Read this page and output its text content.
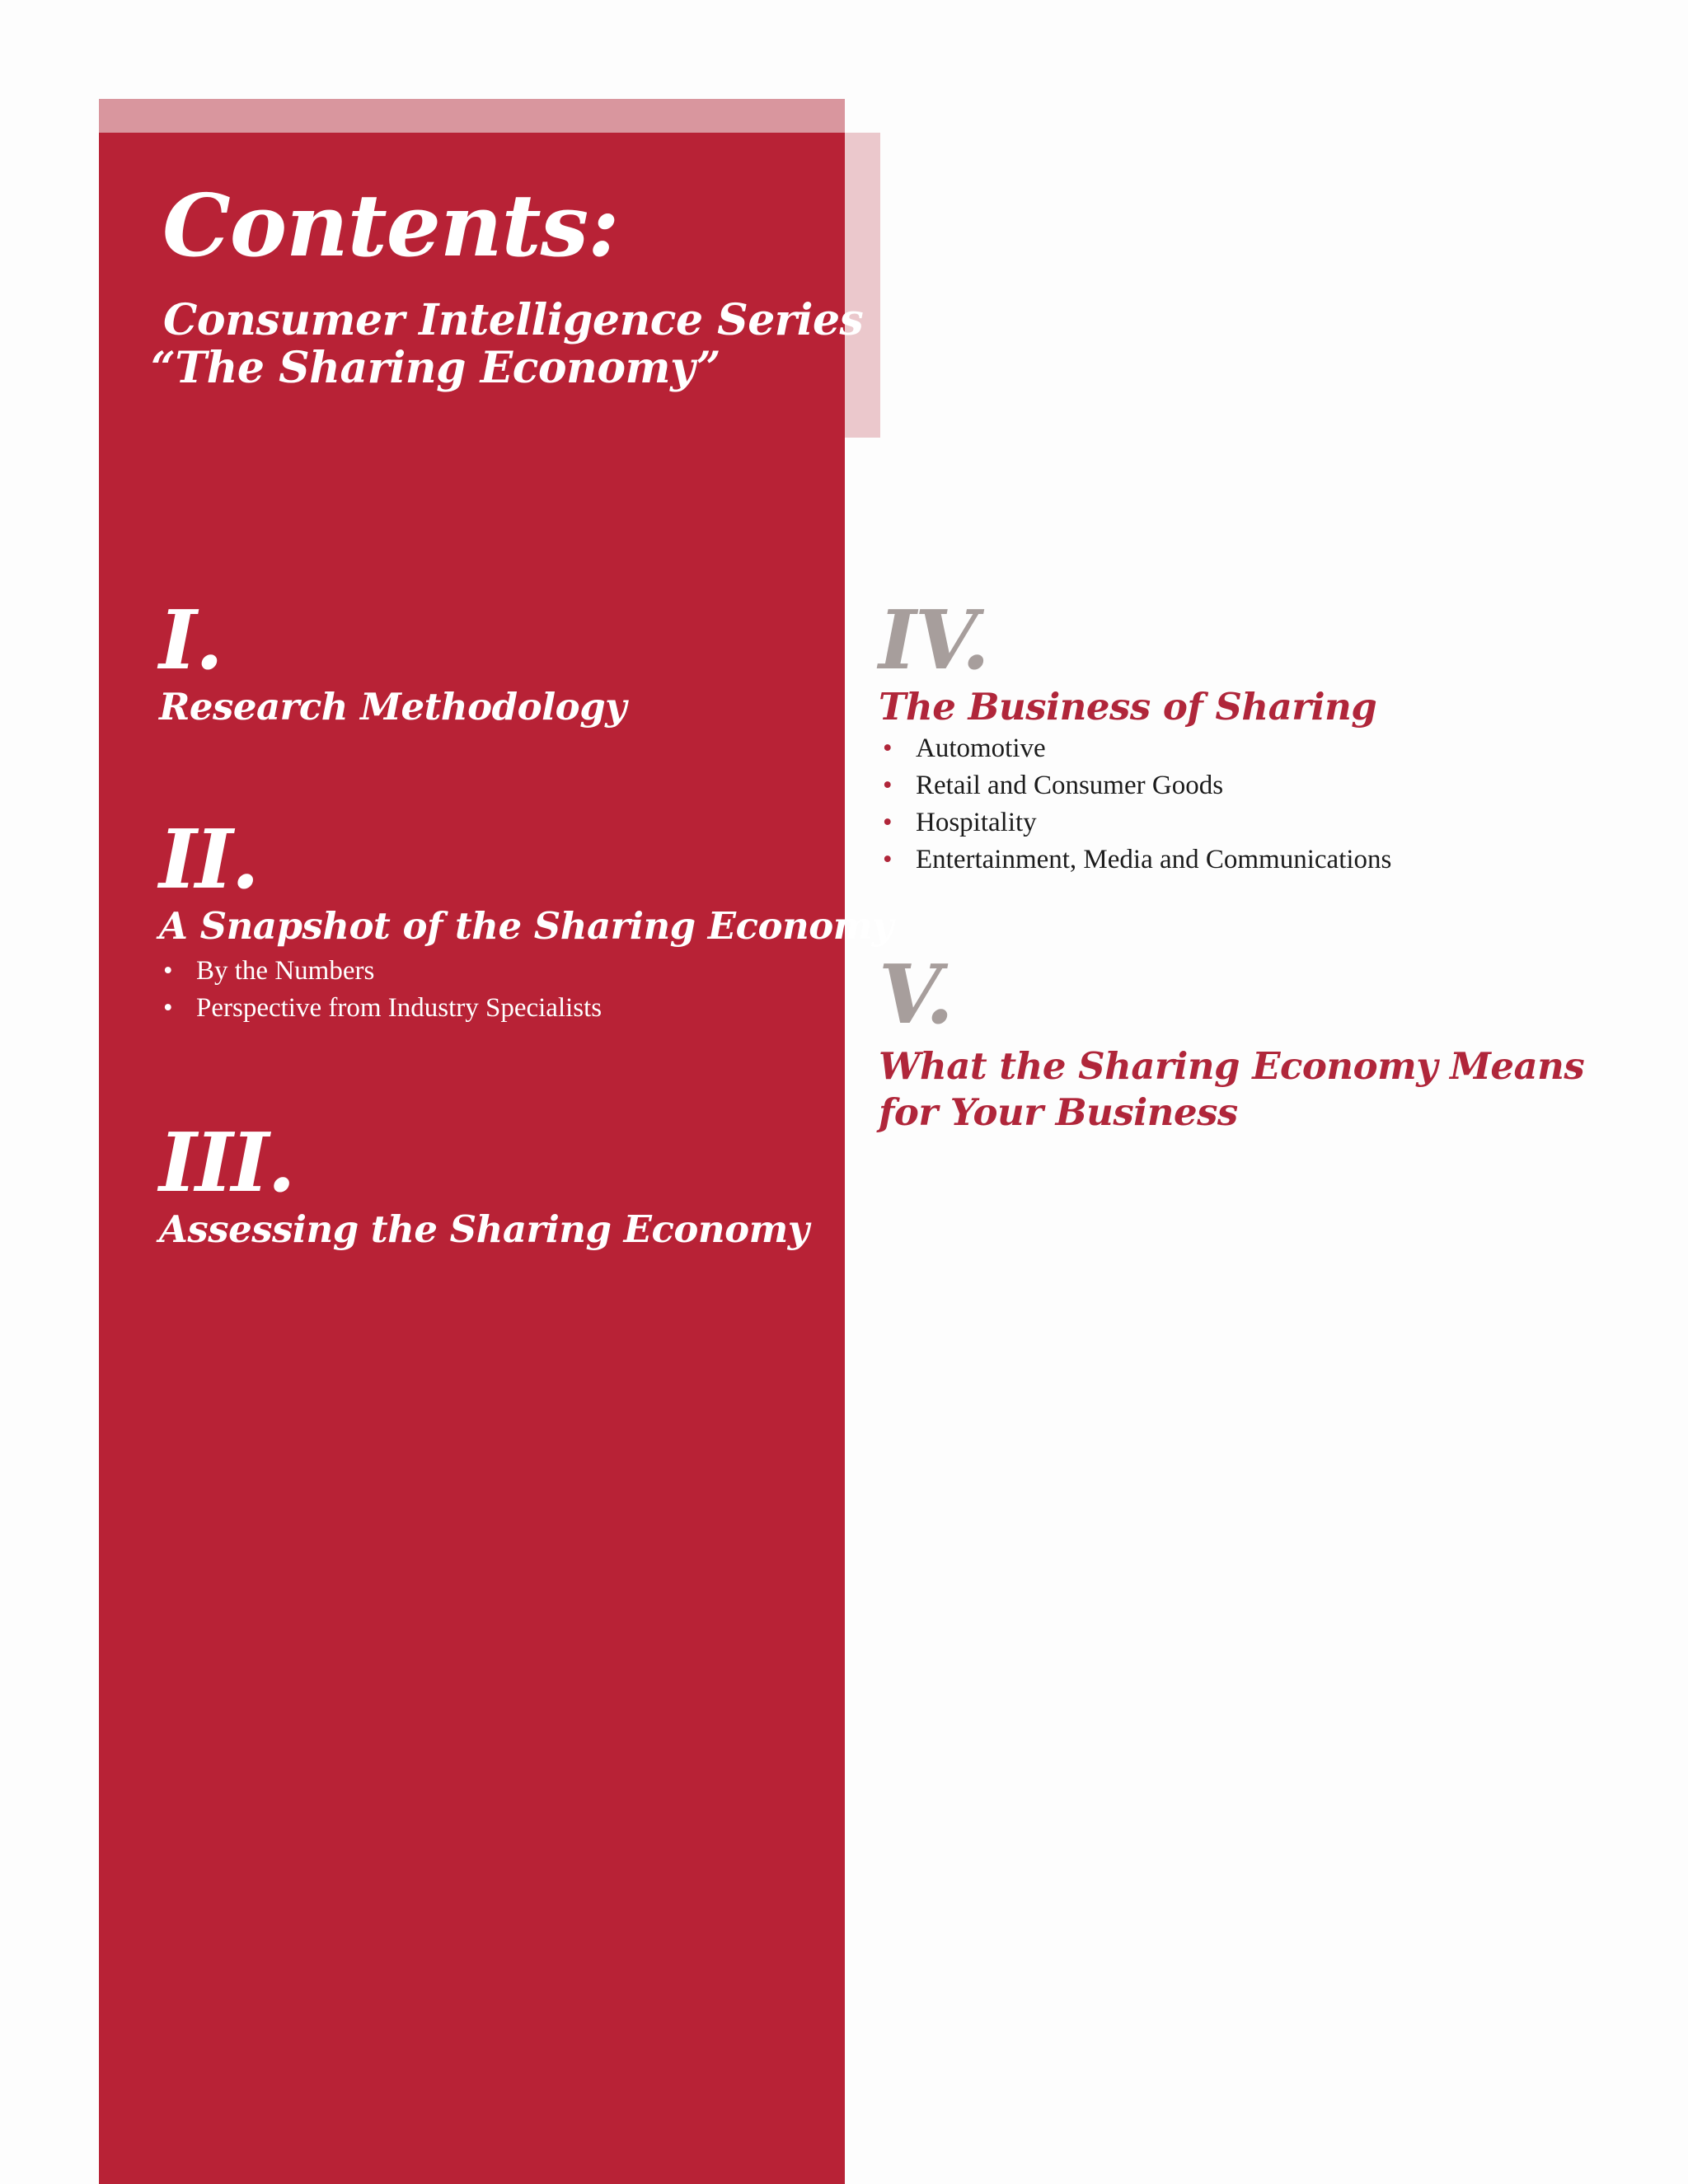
Contents:
Consumer Intelligence Series
“The Sharing Economy”
I.
Research Methodology
II.
A Snapshot of the Sharing Economy
• By the Numbers
• Perspective from Industry Specialists
III.
Assessing the Sharing Economy
IV.
The Business of Sharing
• Automotive
• Retail and Consumer Goods
• Hospitality
• Entertainment, Media and Communications
V.
What the Sharing Economy Means
for Your Business
